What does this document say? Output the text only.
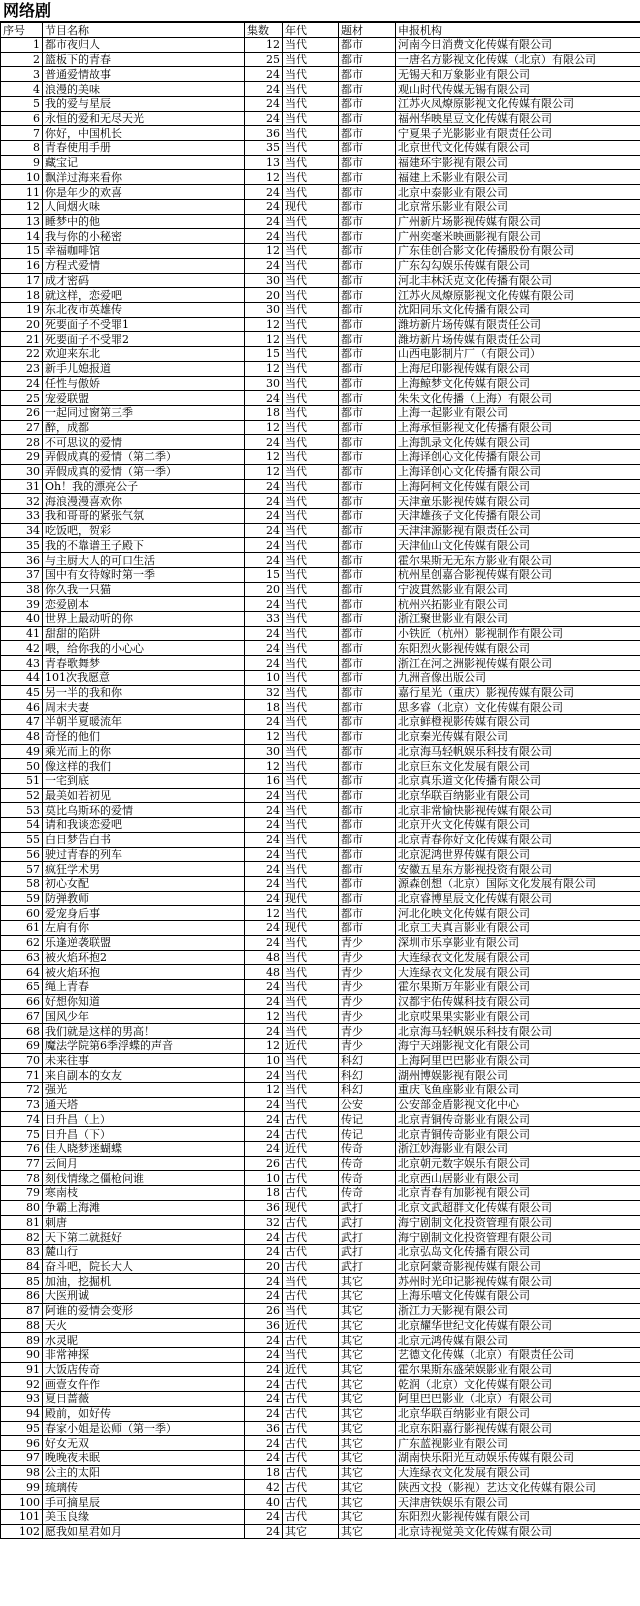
网络剧
序号	节目名称	集数	年代	题材	申报机构
1	都市夜归人	12	当代	都市	河南今日消费文化传媒有限公司
2	篮板下的青春	25	当代	都市	一唐名方影视文化传媒（北京）有限公司
3	普通爱情故事	24	当代	都市	无锡天和万象影业有限公司
4	浪漫的美味	24	当代	都市	观山时代传媒无锡有限公司
5	我的爱与星辰	24	当代	都市	江苏火凤燎原影视文化传媒有限公司
6	永恒的爱和无尽天光	24	当代	都市	福州华映星豆文化传媒有限公司
7	你好，中国机长	36	当代	都市	宁夏果子光影影业有限责任公司
8	青春使用手册	35	当代	都市	北京世代文化传媒有限公司
9	藏宝记	13	当代	都市	福建环宇影视有限公司
10	飘洋过海来看你	12	当代	都市	福建上禾影业有限公司
11	你是年少的欢喜	24	当代	都市	北京中泰影业有限公司
12	人间烟火味	24	现代	都市	北京常乐影业有限公司
13	睡梦中的他	24	当代	都市	广州新片场影视传媒有限公司
14	我与你的小秘密	24	当代	都市	广州奕毫米映画影视有限公司
15	幸福咖啡馆	12	当代	都市	广东佳创合影文化传播股份有限公司
16	方程式爱情	24	当代	都市	广东勾勾娱乐传媒有限公司
17	成才密码	30	当代	都市	河北丰林沃克文化传播有限公司
18	就这样，恋爱吧	20	当代	都市	江苏火凤燎原影视文化传媒有限公司
19	东北夜市英雄传	30	当代	都市	沈阳同乐文化传播有限公司
20	死要面子不受罪1	12	当代	都市	潍坊新片场传媒有限责任公司
21	死要面子不受罪2	12	当代	都市	潍坊新片场传媒有限责任公司
22	欢迎来东北	15	当代	都市	山西电影制片厂（有限公司）
23	新手儿媳报道	12	当代	都市	上海尼印影视传媒有限公司
24	任性与傲娇	30	当代	都市	上海鲸梦文化传媒有限公司
25	宠爱联盟	24	当代	都市	朱朱文化传播（上海）有限公司
26	一起同过窗第三季	18	当代	都市	上海一起影业有限公司
27	醉，成都	12	当代	都市	上海承恒影视文化传播有限公司
28	不可思议的爱情	24	当代	都市	上海凯录文化传媒有限公司
29	弄假成真的爱情（第二季）	12	当代	都市	上海译创心文化传播有限公司
30	弄假成真的爱情（第一季）	12	当代	都市	上海译创心文化传播有限公司
31	Oh！我的漂亮公子	24	当代	都市	上海阿柯文化传媒有限公司
32	海浪漫漫喜欢你	24	当代	都市	天津童乐影视传媒有限公司
33	我和哥哥的紧张气氛	24	当代	都市	天津雄孩子文化传播有限公司
34	吃饭吧，贺彩	24	当代	都市	天津津源影视有限责任公司
35	我的不靠谱王子殿下	24	当代	都市	天津仙山文化传媒有限公司
36	与主厨大人的可口生活	24	当代	都市	霍尔果斯无无东方影业有限公司
37	国中有女待嫁时第一季	15	当代	都市	杭州星创嘉合影视传媒有限公司
38	你久我一只猫	20	当代	都市	宁波貫然影业有限公司
39	恋爱剧本	24	当代	都市	杭州兴拓影业有限公司
40	世界上最动听的你	33	当代	都市	浙江聚世影业有限公司
41	甜甜的陷阱	24	当代	都市	小铁匠（杭州）影视制作有限公司
42	喂，给你我的小心心	24	当代	都市	东阳烈火影视传媒有限公司
43	青春歌舞梦	24	当代	都市	浙江在河之洲影视传媒有限公司
44	101次我愿意	10	当代	都市	九洲音像出版公司
45	另一半的我和你	32	当代	都市	嘉行星光（重庆）影视传媒有限公司
46	周末夫妻	18	当代	都市	思多睿（北京）文化传媒有限公司
47	半朝半夏暖流年	24	当代	都市	北京鲜橙视影传媒有限公司
48	奇怪的他们	12	当代	都市	北京秦光传媒有限公司
49	乘光而上的你	30	当代	都市	北京海马轻帆娱乐科技有限公司
50	像这样的我们	12	当代	都市	北京巨东文化发展有限公司
51	一宅到底	16	当代	都市	北京真乐道文化传播有限公司
52	最美如若初见	24	当代	都市	北京华联百纳影业有限公司
53	莫比乌斯环的爱情	24	当代	都市	北京非常愉快影视传媒有限公司
54	请和我谈恋爱吧	24	当代	都市	北京开火文化传媒有限公司
55	白日梦告白书	24	当代	都市	北京青春你好文化传媒有限公司
56	驶过青春的列车	24	当代	都市	北京泥鸿世界传媒有限公司
57	疯狂学术男	24	当代	都市	安徽五星东方影视投资有限公司
58	初心女配	24	当代	都市	源森创想（北京）国际文化发展有限公司
59	防弹教师	24	现代	都市	北京睿博星辰文化传媒有限公司
60	爱宠身后事	12	当代	都市	河北化映文化传媒有限公司
61	左肩有你	24	现代	都市	北京工夫真言影业有限公司
62	乐逢逆袭联盟	24	当代	青少	深圳市乐享影业有限公司
63	被火焰环抱2	48	当代	青少	大连绿衣文化发展有限公司
64	被火焰环抱	48	当代	青少	大连绿衣文化发展有限公司
65	绳上青春	24	当代	青少	霍尔果斯万年影业有限公司
66	好想你知道	24	当代	青少	汉都宇佑传媒科技有限公司
67	国风少年	12	当代	青少	北京哎果果实影业有限公司
68	我们就是这样的男高！	24	当代	青少	北京海马轻帆娱乐科技有限公司
69	魔法学院第6季浮蝶的声音	12	近代	青少	海宁天翊影视文化有限公司
70	未来往事	10	当代	科幻	上海阿里巴巴影业有限公司
71	来自副本的女友	24	当代	科幻	湖州博娱影视有限公司
72	强光	12	当代	科幻	重庆飞鱼座影业有限公司
73	通天塔	24	当代	公安	公安部金盾影视文化中心
74	日升昌（上）	24	古代	传记	北京青铜传奇影业有限公司
75	日升昌（下）	24	古代	传记	北京青铜传奇影业有限公司
76	佳人晓梦迷蝴蝶	24	近代	传奇	浙江妙海影业有限公司
77	云间月	26	古代	传奇	北京朝元数字娱乐有限公司
78	刻伐情缘之僵枪问谁	10	古代	传奇	北京西山居影业有限公司
79	寒南枝	18	古代	传奇	北京青春有加影视有限公司
80	争霸上海滩	36	现代	武打	北京文武超群文化传媒有限公司
81	刺唐	32	古代	武打	海宁剧制文化投资管理有限公司
82	天下第二就挺好	24	古代	武打	海宁剧制文化投资管理有限公司
83	麓山行	24	古代	武打	北京弘岛文化传播有限公司
84	奋斗吧，院长大人	20	古代	武打	北京阿蒙奇影视传媒有限公司
85	加油，挖掘机	24	当代	其它	苏州时光印记影视传媒有限公司
86	大医刑诚	24	古代	其它	上海乐嘻文化传媒有限公司
87	阿谁的爱情会变形	26	当代	其它	浙江力天影视有限公司
88	天火	36	近代	其它	北京耀华世纪文化传媒有限公司
89	水灵昵	24	古代	其它	北京元鸿传媒有限公司
90	非常神探	24	当代	其它	艺德文化传媒（北京）有限责任公司
91	大饭店传奇	24	近代	其它	霍尔果斯东盛荣娱影业有限公司
92	画壹女仵作	24	古代	其它	乾润（北京）文化传媒有限公司
93	夏日蔷薇	24	古代	其它	阿里巴巴影业（北京）有限公司
94	殿前，如好传	24	古代	其它	北京华联百纳影业有限公司
95	春家小姐是讼师（第一季）	36	古代	其它	北京东阳嘉行影视传媒有限公司
96	好女无双	24	古代	其它	广东蓝视影业有限公司
97	晚晚夜未眠	24	古代	其它	湖南快乐阳光互动娱乐传媒有限公司
98	公主的太阳	18	古代	其它	大连绿衣文化发展有限公司
99	琉璃传	42	古代	其它	陕西文投（影视）艺达文化传媒有限公司
100	手可摘星辰	40	古代	其它	天津唐铁娱乐有限公司
101	美玉良缘	24	古代	其它	东阳烈火影视传媒有限公司
102	愿我如星君如月	24	其它	其它	北京诗视觉美文化传媒有限公司
